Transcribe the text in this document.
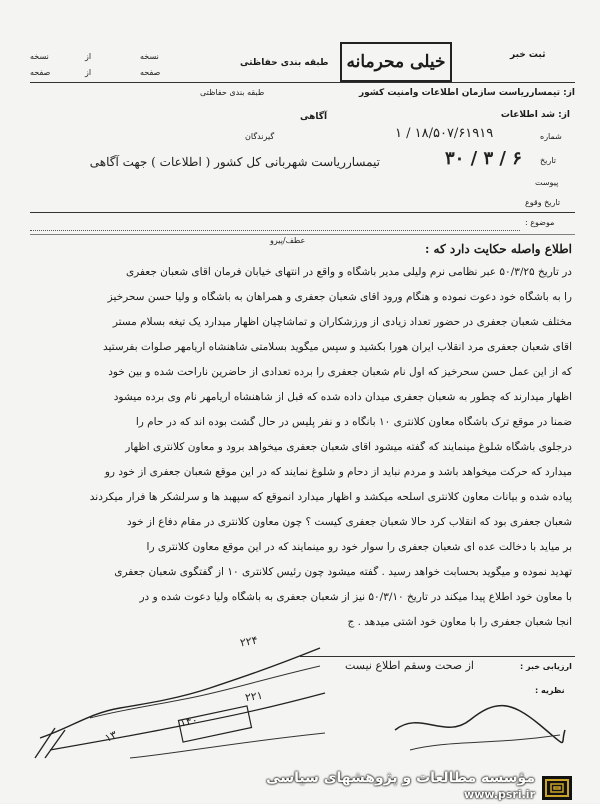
نسخه	از	نسخه
صفحه	از	صفحه
طبقه بندی حفاظتی	خیلی محرمانه	ثبت خبر
از: تیمساررياست سازمان اطلاعات وامنيت كشور
طبقه بندی حفاظتی
آگاهی	از: شد اطلاعات
شماره
۱۸/۵۰۷/۶۱۹۱۹ / ۱
گیرندگان
تاریخ
۶ / ۳ / ۳۰
تیمساررياست شهربانی کل کشور ( اطلاعات ) جهت آگاهی
پیوست
تاریخ وقوع
موضوع :
عطف/پیرو
اطلاع واصله حکایت دارد که :
در تاریخ ۵۰/۳/۲۵ عبر نظامی نرم ولیلی مدیر باشگاه و واقع در انتهای خیابان فرمان آقای شعبان جعفری
را به باشگاه خود دعوت نموده و هنگام ورود آقای شعبان جعفری و همراهان به باشگاه و ولیا حسن سحرخیز
مختلف شعبان جعفری در حضور تعداد زیادی از ورزشکاران و تماشاچیان اظهار میدارد یک تیغه بسلام مستر
آقای شعبان جعفری مرد انقلاب ایران هورا بکشید و سپس میگوید بسلامتی شاهنشاه آریامهر صلوات بفرستید
که از این عمل حسن سحرخیز که اول نام شعبان جعفری را برده تعدادی از حاضرین ناراحت شده و بین خود
اظهار میدارند که چطور به شعبان جعفری میدان داده شده که قبل از شاهنشاه آریامهر نام وی برده میشود
ضمناً در موقع ترک باشگاه معاون کلانتری ۱۰ بانگاه د و نفر پلیس در حال گشت بوده اند که در حام را
درجلوی باشگاه شلوغ مینمایند که گفته میشود آقای شعبان جعفری میخواهد برود و معاون کلانتری اظهار
میدارد که حرکت میخواهد باشد و مردم نباید از دحام و شلوغ نمایند که در این موقع شعبان جعفری از خود رو
پیاده شده و بیانات معاون کلانتری اسلحه میکشد و اظهار میدارد آنموقع که سپهبد ها و سرلشکر ها فرار میکردند
شعبان جعفری بود که انقلاب کرد حالا شعبان جعفری کیست ؟ چون معاون کلانتری در مقام دفاع از خود
بر میآید با دخالت عده ای شعبان جعفری را سوار خود رو مینمایند که در این موقع معاون کلانتری را
تهدید نموده و میگوید بحسابت خواهد رسید . گفته میشود چون رئیس کلانتری ۱۰ از گفتگوی شعبان جعفری
با معاون خود اطلاع پیدا میکند در تاریخ ۵۰/۳/۱۰ نیز از شعبان جعفری به باشگاه ولیا دعوت شده و در
انجا شعبان جعفری را با معاون خود آشتی میدهد . ج
ارزیابی خبر :
از صحت وسقم اطلاع نیست
نظریه :
۲۲۴
۲۲۱
۱۳
۱۴۰
مؤسسه مطالعات و پژوهشهای سیاسی
www.psri.ir
